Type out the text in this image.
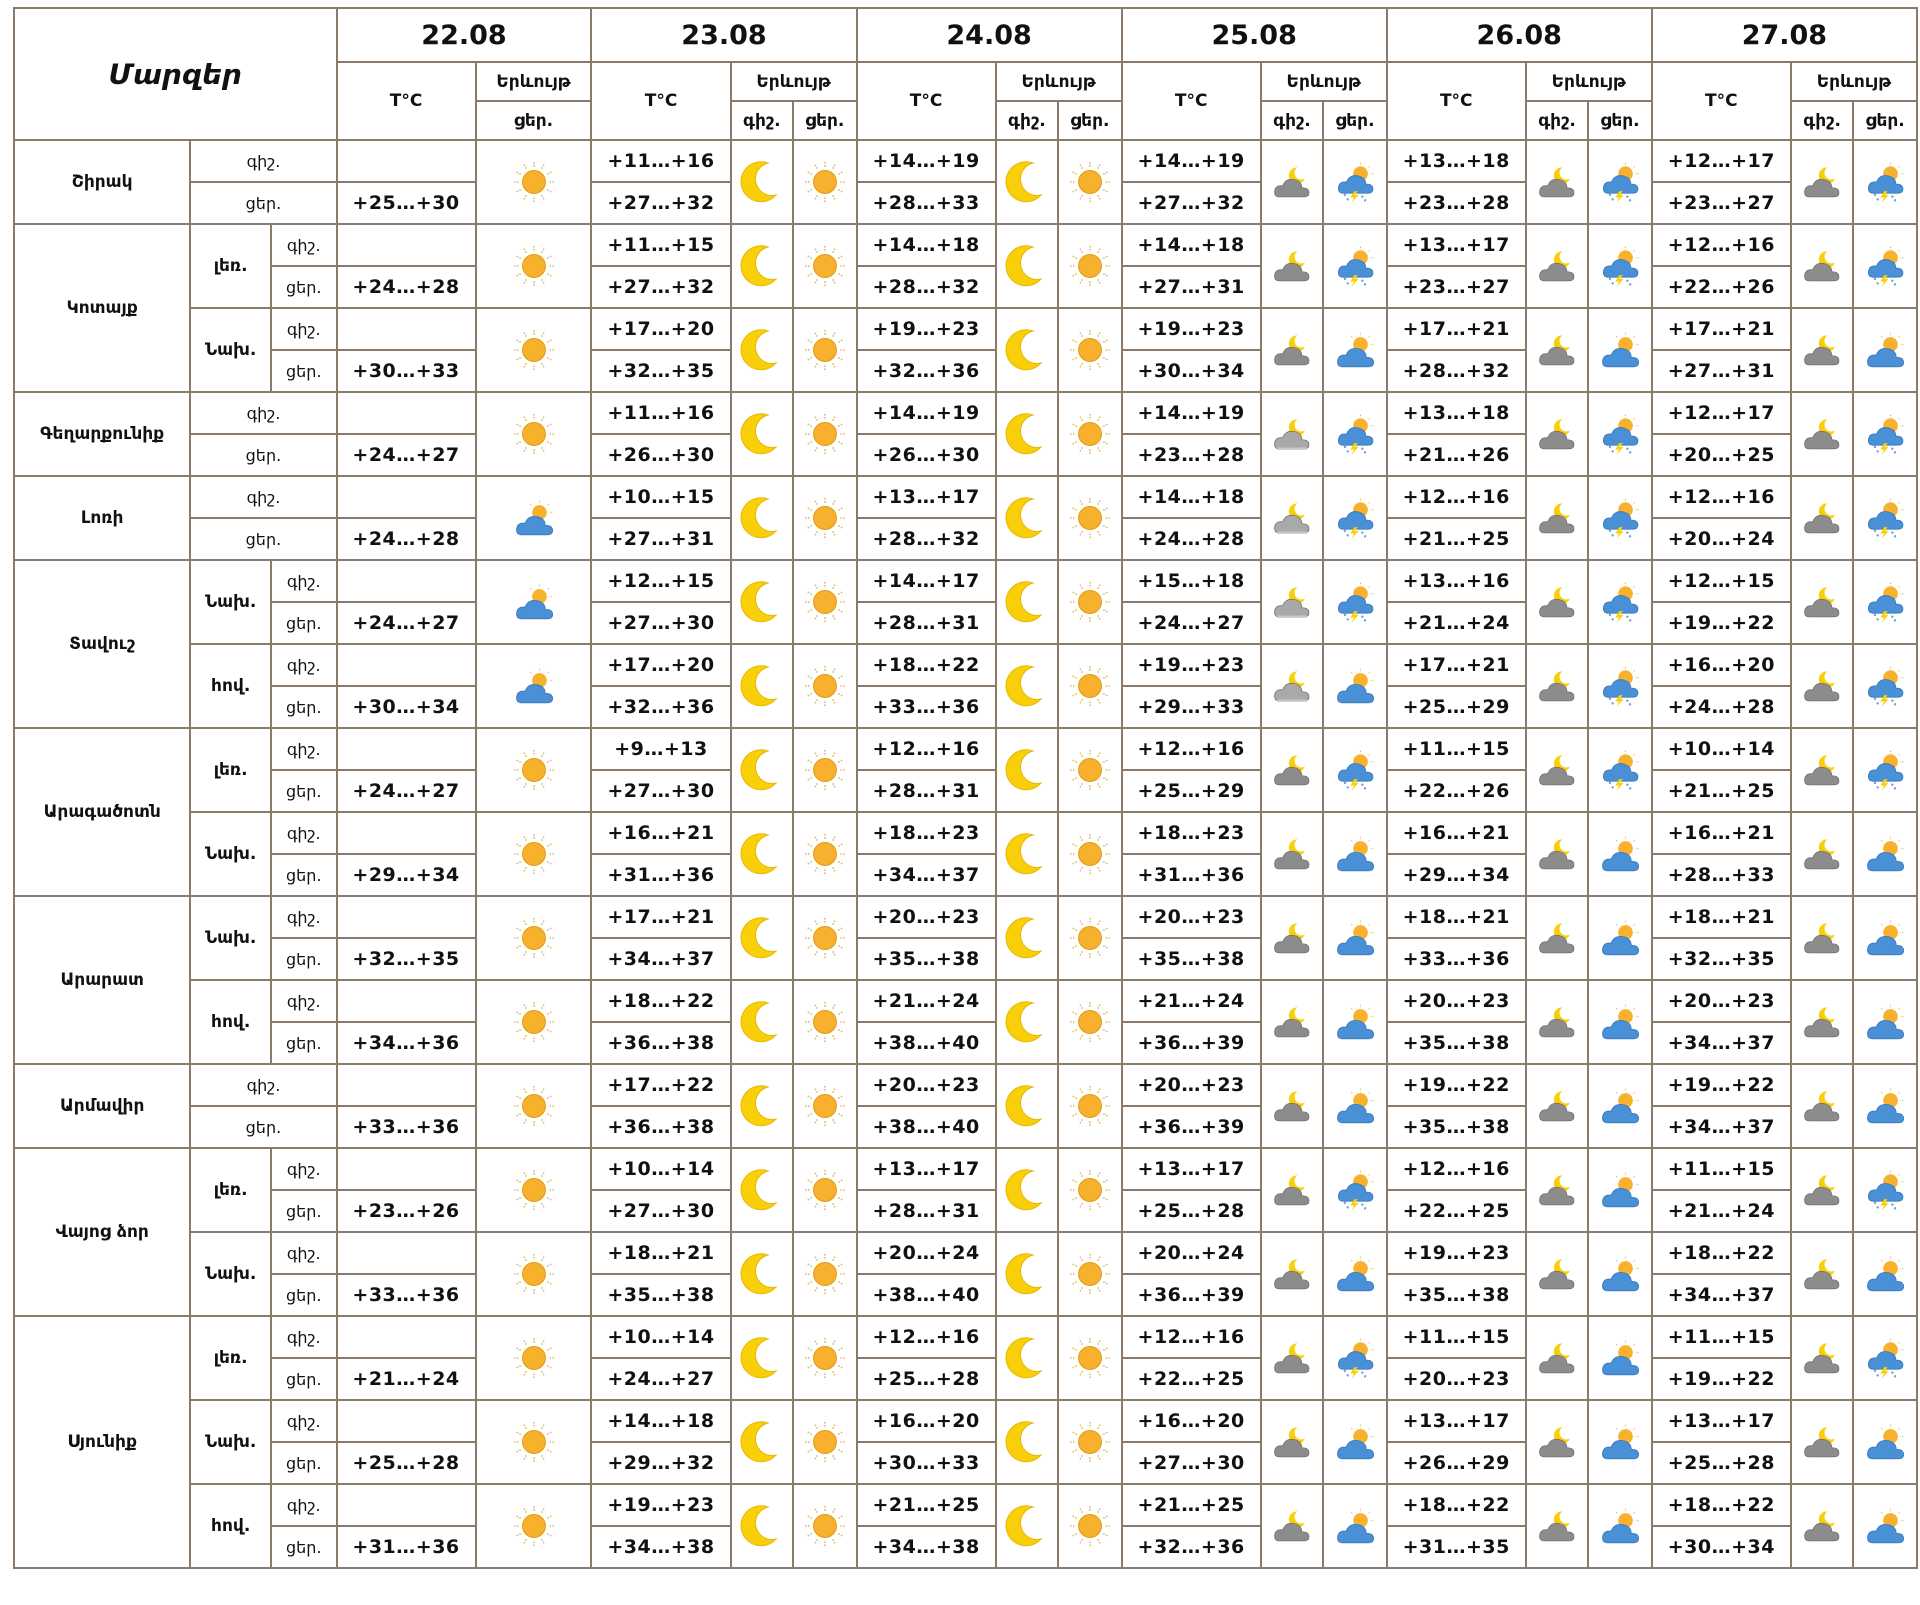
Մարզեր			22.08		23.08			24.08			25.08			26.08			27.08		
			T°C	Երևույթ	T°C	Երևույթ		T°C	Երևույթ		T°C	Երևույթ		T°C	Երևույթ		T°C	Երևույթ	
				ցեր.		գիշ.	ցեր.		գիշ.	ցեր.		գիշ.	ցեր.		գիշ.	ցեր.		գիշ.	ցեր.
Շիրակ	գիշ.				+11…+16			+14…+19			+14…+19			+13…+18			+12…+17	

	ցեր.		+25…+30		+27…+32			+28…+33			+27…+32			+23…+28			+23…+27		
Կոտայք	լեռ.	գիշ.			+11…+15			+14…+18			+14…+18			+13…+17			+12…+16	

		ցեր.	+24…+28		+27…+32			+28…+32			+27…+31			+23…+27			+22…+26		
	Նախ.	գիշ.			+17…+20			+19…+23			+19…+23			+17…+21			+17…+21	

		ցեր.	+30…+33		+32…+35			+32…+36			+30…+34			+28…+32			+27…+31		
Գեղարքունիք	գիշ.				+11…+16			+14…+19			+14…+19			+13…+18			+12…+17	

	ցեր.		+24…+27		+26…+30			+26…+30			+23…+28			+21…+26			+20…+25		
Լոռի	գիշ.				+10…+15			+13…+17			+14…+18			+12…+16			+12…+16	

	ցեր.		+24…+28		+27…+31			+28…+32			+24…+28			+21…+25			+20…+24		
Տավուշ	Նախ.	գիշ.			+12…+15			+14…+17			+15…+18			+13…+16			+12…+15	

		ցեր.	+24…+27		+27…+30			+28…+31			+24…+27			+21…+24			+19…+22		
	հով.	գիշ.			+17…+20			+18…+22			+19…+23			+17…+21			+16…+20	

		ցեր.	+30…+34		+32…+36			+33…+36			+29…+33			+25…+29			+24…+28		
Արագածոտն	լեռ.	գիշ.			+9…+13			+12…+16			+12…+16			+11…+15			+10…+14	

		ցեր.	+24…+27		+27…+30			+28…+31			+25…+29			+22…+26			+21…+25		
	Նախ.	գիշ.			+16…+21			+18…+23			+18…+23			+16…+21			+16…+21	

		ցեր.	+29…+34		+31…+36			+34…+37			+31…+36			+29…+34			+28…+33		
Արարատ	Նախ.	գիշ.			+17…+21			+20…+23			+20…+23			+18…+21			+18…+21	

		ցեր.	+32…+35		+34…+37			+35…+38			+35…+38			+33…+36			+32…+35		
	հով.	գիշ.			+18…+22			+21…+24			+21…+24			+20…+23			+20…+23	

		ցեր.	+34…+36		+36…+38			+38…+40			+36…+39			+35…+38			+34…+37		
Արմավիր	գիշ.				+17…+22			+20…+23			+20…+23			+19…+22			+19…+22	

	ցեր.		+33…+36		+36…+38			+38…+40			+36…+39			+35…+38			+34…+37		
Վայոց ձոր	լեռ.	գիշ.			+10…+14			+13…+17			+13…+17			+12…+16			+11…+15	

		ցեր.	+23…+26		+27…+30			+28…+31			+25…+28			+22…+25			+21…+24		
	Նախ.	գիշ.			+18…+21			+20…+24			+20…+24			+19…+23			+18…+22	

		ցեր.	+33…+36		+35…+38			+38…+40			+36…+39			+35…+38			+34…+37		
Սյունիք	լեռ.	գիշ.			+10…+14			+12…+16			+12…+16			+11…+15			+11…+15	

		ցեր.	+21…+24		+24…+27			+25…+28			+22…+25			+20…+23			+19…+22		
	Նախ.	գիշ.			+14…+18			+16…+20			+16…+20			+13…+17			+13…+17	

		ցեր.	+25…+28		+29…+32			+30…+33			+27…+30			+26…+29			+25…+28		
	հով.	գիշ.			+19…+23			+21…+25			+21…+25			+18…+22			+18…+22	

		ցեր.	+31…+36		+34…+38			+34…+38			+32…+36			+31…+35			+30…+34		
